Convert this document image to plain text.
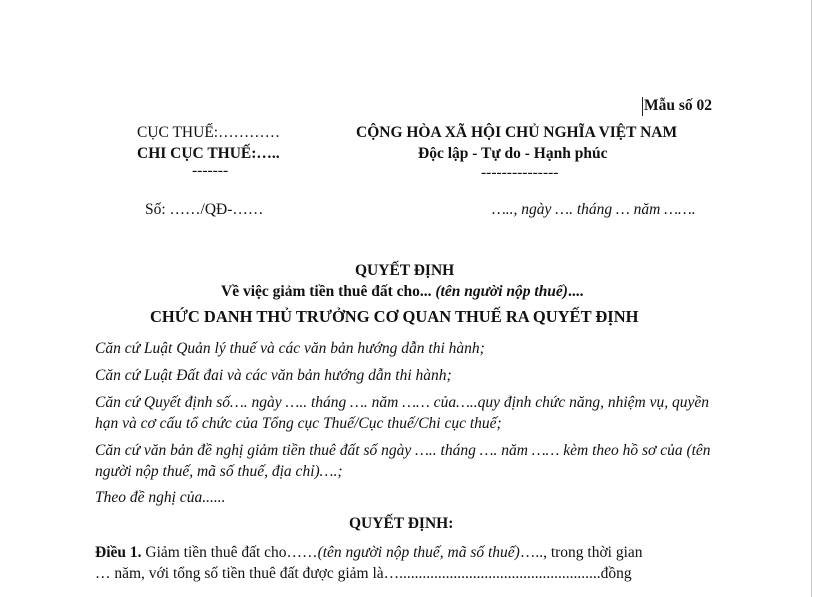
Mẫu số 02
CỤC THUẾ:…………
CHI CỤC THUẾ:…..
-------
Số: ……/QĐ-……
CỘNG HÒA XÃ HỘI CHỦ NGHĨA VIỆT NAM
Độc lập - Tự do - Hạnh phúc
---------------
….., ngày …. tháng … năm …….
QUYẾT ĐỊNH
Về việc giảm tiền thuê đất cho... (tên người nộp thuế)....
CHỨC DANH THỦ TRƯỞNG CƠ QUAN THUẾ RA QUYẾT ĐỊNH
Căn cứ Luật Quản lý thuế và các văn bản hướng dẫn thi hành;
Căn cứ Luật Đất đai và các văn bản hướng dẫn thi hành;
Căn cứ Quyết định số…. ngày ….. tháng …. năm …… của…..quy định chức năng, nhiệm vụ, quyền hạn và cơ cấu tổ chức của Tổng cục Thuế/Cục thuế/Chi cục thuế;
Căn cứ văn bản đề nghị giảm tiền thuê đất số ngày ….. tháng …. năm …… kèm theo hồ sơ của (tên người nộp thuế, mã số thuế, địa chỉ)….;
Theo đề nghị của......
QUYẾT ĐỊNH:
Điều 1. Giảm tiền thuê đất cho……(tên người nộp thuế, mã số thuế)….., trong thời gian
… năm, với tổng số tiền thuê đất được giảm là…....................................................đồng
